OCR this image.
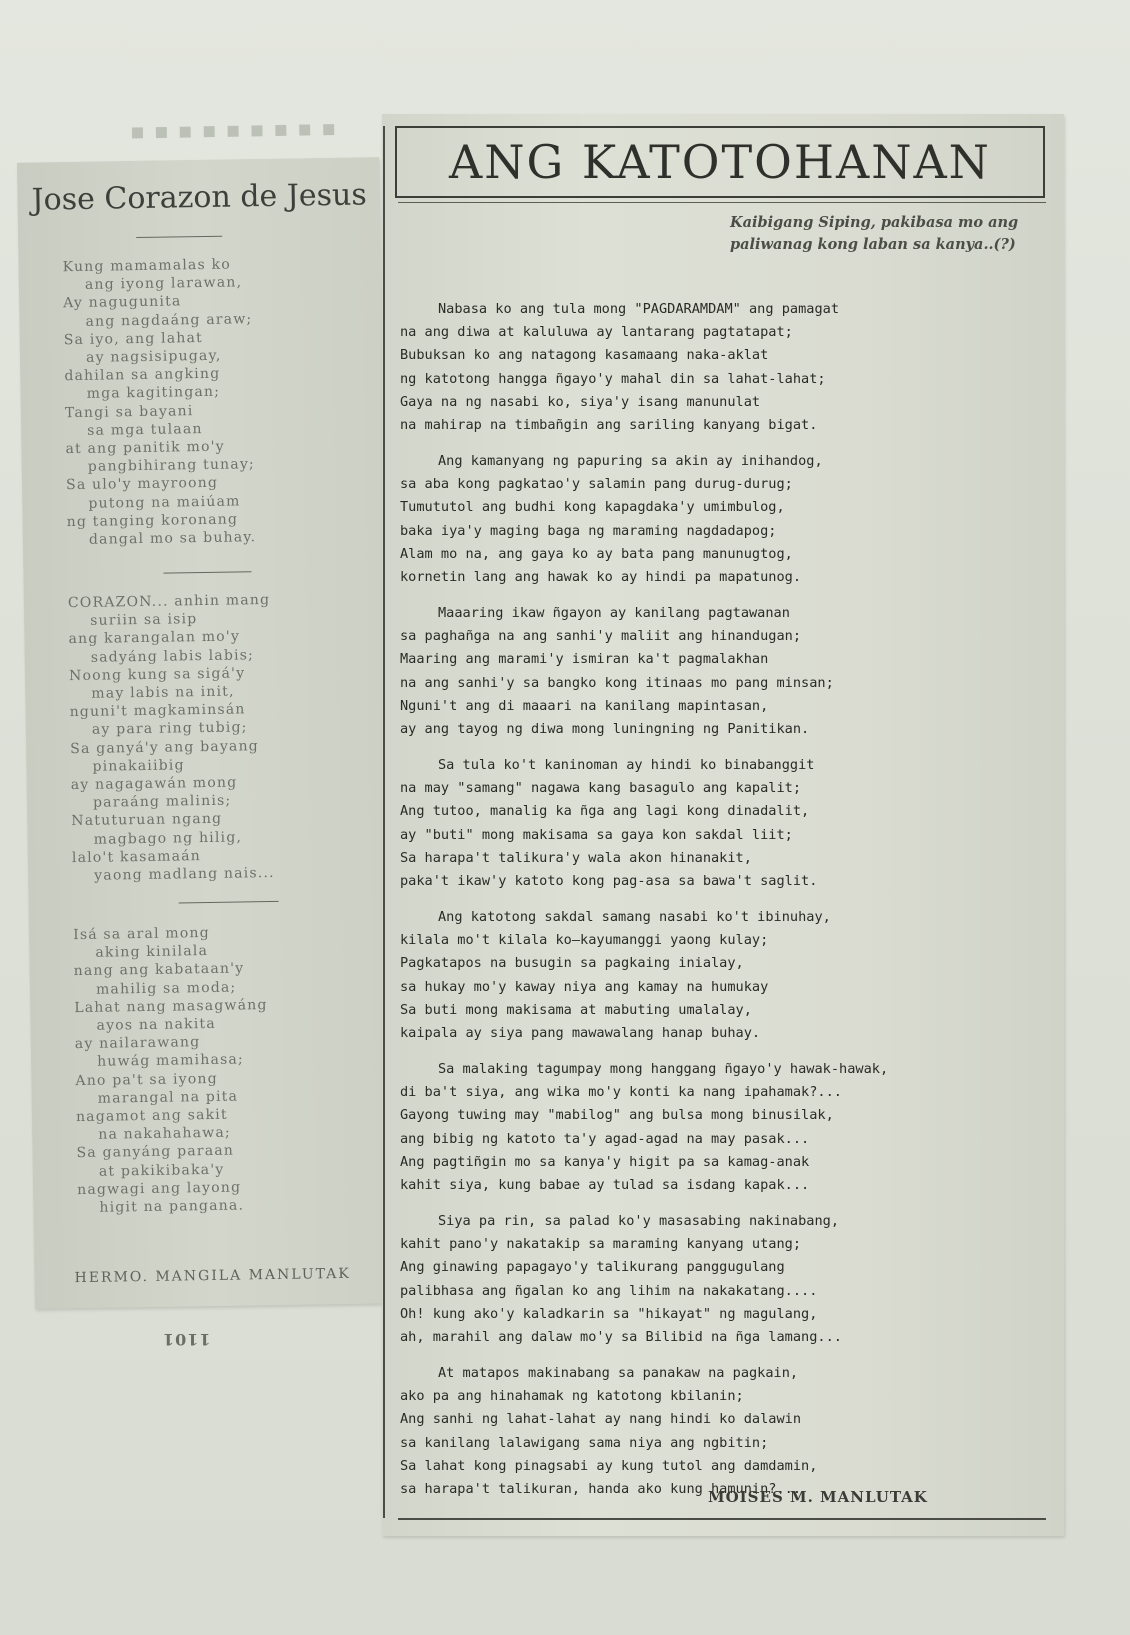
▪ ▪ ▪ ▪ ▪ ▪ ▪ ▪ ▪
Jose Corazon de Jesus
Kung mamamalas ko
ang iyong larawan,
Ay nagugunita
ang nagdaáng araw;
Sa iyo, ang lahat
ay nagsisipugay,
dahilan sa angking
mga kagitingan;
Tangi sa bayani
sa mga tulaan
at ang panitik mo'y
pangbihirang tunay;
Sa ulo'y mayroong
putong na maiúam
ng tanging koronang
dangal mo sa buhay.
CORAZON... anhin mang
suriin sa isip
ang karangalan mo'y
sadyáng labis labis;
Noong kung sa sigá'y
may labis na init,
nguni't magkaminsán
ay para ring tubig;
Sa ganyá'y ang bayang
pinakaiibig
ay nagagawán mong
paraáng malinis;
Natuturuan ngang
magbago ng hilig,
lalo't kasamaán
yaong madlang nais...
Isá sa aral mong
aking kinilala
nang ang kabataan'y
mahilig sa moda;
Lahat nang masagwáng
ayos na nakita
ay nailarawang
huwág mamihasa;
Ano pa't sa iyong
marangal na pita
nagamot ang sakit
na nakahahawa;
Sa ganyáng paraan
at pakikibaka'y
nagwagi ang layong
higit na pangana.
HERMO. MANGILA MANLUTAK
1101
ANG KATOTOHANAN
Kaibigang Siping, pakibasa mo ang paliwanag kong laban sa kanya..(?)
Nabasa ko ang tula mong "PAGDARAMDAM" ang pamagat
na ang diwa at kaluluwa ay lantarang pagtatapat;
Bubuksan ko ang natagong kasamaang naka-aklat
ng katotong hangga ñgayo'y mahal din sa lahat-lahat;
Gaya na ng nasabi ko, siya'y isang manunulat
na mahirap na timbañgin ang sariling kanyang bigat.
Ang kamanyang ng papuring sa akin ay inihandog,
sa aba kong pagkatao'y salamin pang durug-durug;
Tumututol ang budhi kong kapagdaka'y umimbulog,
baka iya'y maging baga ng maraming nagdadapog;
Alam mo na, ang gaya ko ay bata pang manunugtog,
kornetin lang ang hawak ko ay hindi pa mapatunog.
Maaaring ikaw ñgayon ay kanilang pagtawanan
sa paghañga na ang sanhi'y maliit ang hinandugan;
Maaring ang marami'y ismiran ka't pagmalakhan
na ang sanhi'y sa bangko kong itinaas mo pang minsan;
Nguni't ang di maaari na kanilang mapintasan,
ay ang tayog ng diwa mong luningning ng Panitikan.
Sa tula ko't kaninoman ay hindi ko binabanggit
na may "samang" nagawa kang basagulo ang kapalit;
Ang tutoo, manalig ka ñga ang lagi kong dinadalit,
ay "buti" mong makisama sa gaya kon sakdal liit;
Sa harapa't talikura'y wala akon hinanakit,
paka't ikaw'y katoto kong pag-asa sa bawa't saglit.
Ang katotong sakdal samang nasabi ko't ibinuhay,
kilala mo't kilala ko—kayumanggi yaong kulay;
Pagkatapos na busugin sa pagkaing inialay,
sa hukay mo'y kaway niya ang kamay na humukay
Sa buti mong makisama at mabuting umalalay,
kaipala ay siya pang mawawalang hanap buhay.
Sa malaking tagumpay mong hanggang ñgayo'y hawak-hawak,
di ba't siya, ang wika mo'y konti ka nang ipahamak?...
Gayong tuwing may "mabilog" ang bulsa mong binusilak,
ang bibig ng katoto ta'y agad-agad na may pasak...
Ang pagtiñgin mo sa kanya'y higit pa sa kamag-anak
kahit siya, kung babae ay tulad sa isdang kapak...
Siya pa rin, sa palad ko'y masasabing nakinabang,
kahit pano'y nakatakip sa maraming kanyang utang;
Ang ginawing papagayo'y talikurang panggugulang
palibhasa ang ñgalan ko ang lihim na nakakatang....
Oh! kung ako'y kaladkarin sa "hikayat" ng magulang,
ah, marahil ang dalaw mo'y sa Bilibid na ñga lamang...
At matapos makinabang sa panakaw na pagkain,
ako pa ang hinahamak ng katotong kbilanin;
Ang sanhi ng lahat-lahat ay nang hindi ko dalawin
sa kanilang lalawigang sama niya ang ngbitin;
Sa lahat kong pinagsabi ay kung tutol ang damdamin,
sa harapa't talikuran, handa ako kung hamunin?...
MOISES M. MANLUTAK
